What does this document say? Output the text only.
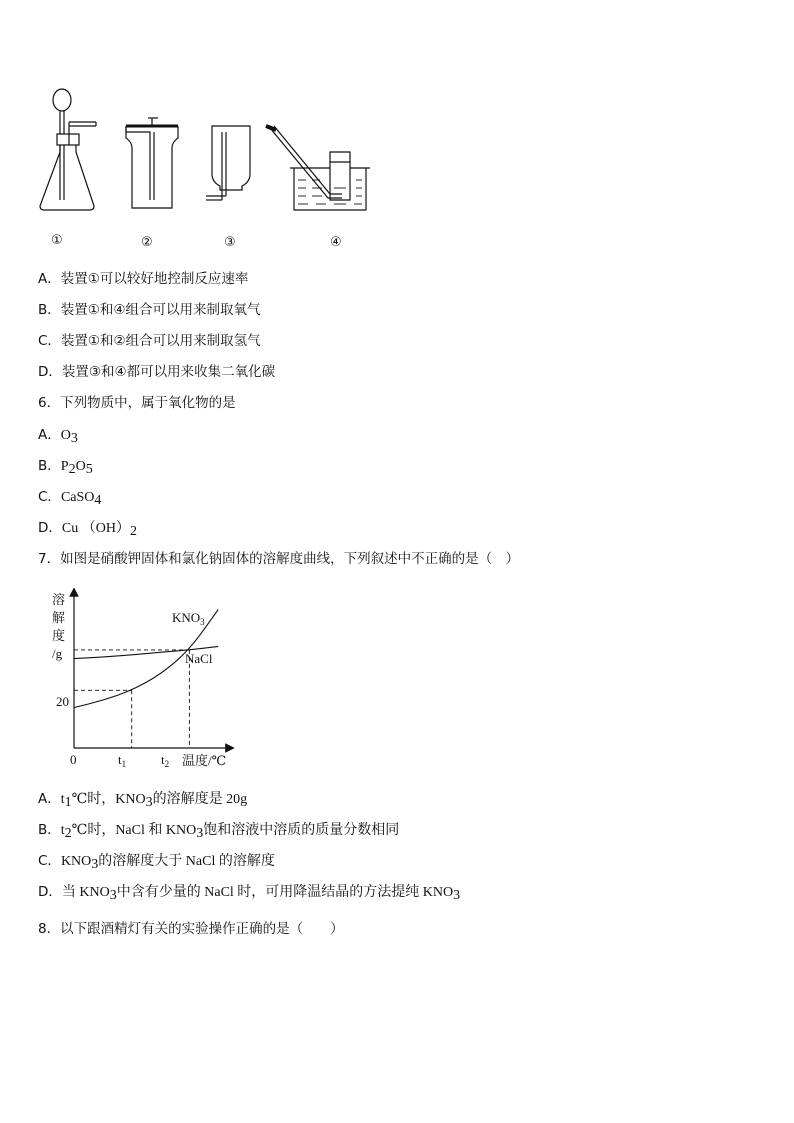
①	②	③	④
A．装置①可以较好地控制反应速率
B．装置①和④组合可以用来制取氧气
C．装置①和②组合可以用来制取氢气
D．装置③和④都可以用来收集二氧化碳
6．下列物质中，属于氧化物的是
A．$O_3$
B．$P_2O_5$
C．CaSO$_4$
D．Cu $(OH)_2$
7．如图是硝酸钾固体和氯化钠固体的溶解度曲线，下列叙述中不正确的是（　）
溶
解
度
/g
20
0	$t_1$	$t_2$ 温度/℃
$KNO_3$
NaCl
A．$t_1℃$时，$KNO_3$的溶解度是 20g
B．$t_2℃$时，NaCl 和 $KNO_3$饱和溶液中溶质的质量分数相同
C．$KNO_3$的溶解度大于 NaCl 的溶解度
D．当 $KNO_3$中含有少量的 NaCl 时，可用降温结晶的方法提纯 $KNO_3$
8．以下跟酒精灯有关的实验操作正确的是（　　）
